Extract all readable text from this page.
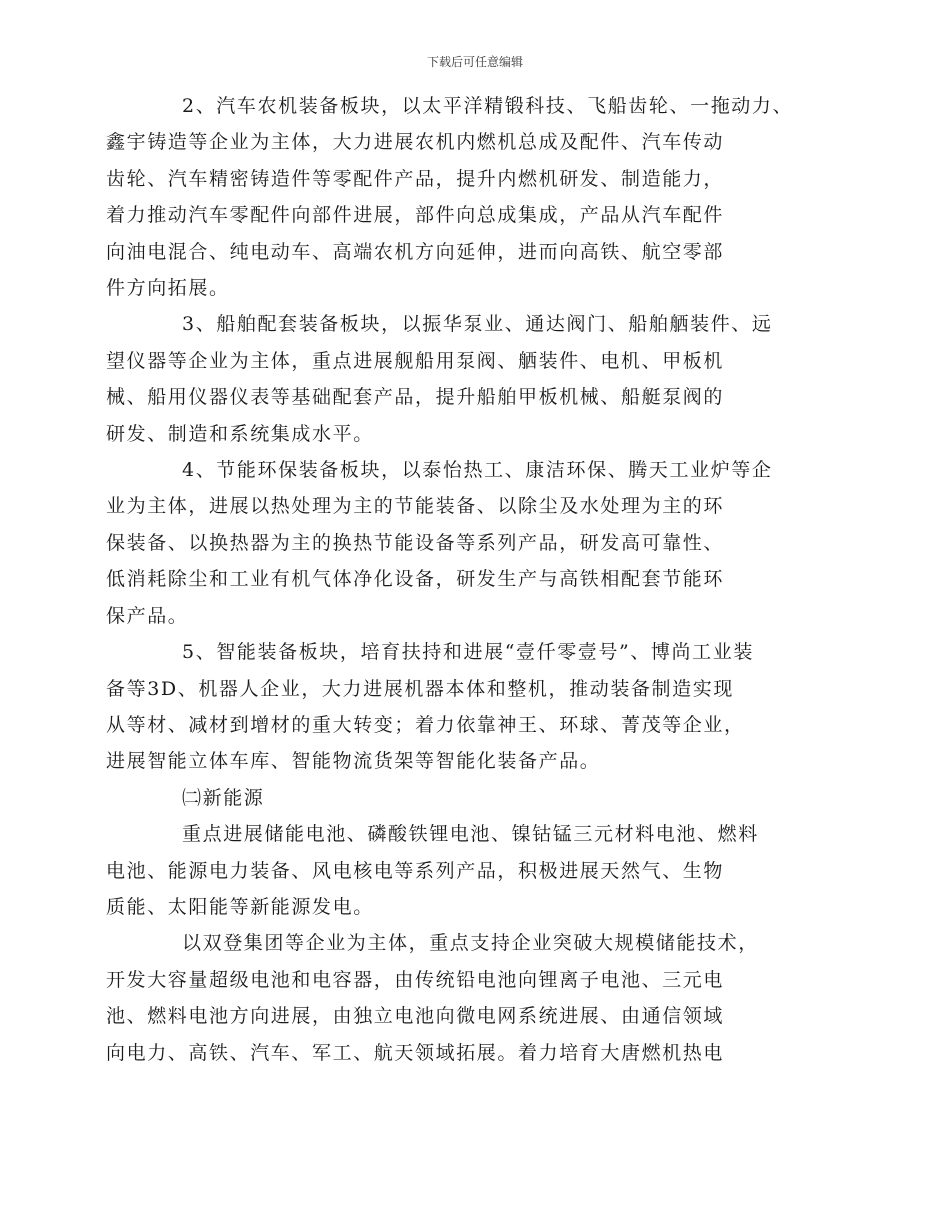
下载后可任意编辑

2、汽车农机装备板块，以太平洋精锻科技、飞船齿轮、一拖动力、
鑫宇铸造等企业为主体，大力进展农机内燃机总成及配件、汽车传动
齿轮、汽车精密铸造件等零配件产品，提升内燃机研发、制造能力，
着力推动汽车零配件向部件进展，部件向总成集成，产品从汽车配件
向油电混合、纯电动车、高端农机方向延伸，进而向高铁、航空零部
件方向拓展。

3、船舶配套装备板块，以振华泵业、通达阀门、船舶舾装件、远
望仪器等企业为主体，重点进展舰船用泵阀、舾装件、电机、甲板机
械、船用仪器仪表等基础配套产品，提升船舶甲板机械、船艇泵阀的
研发、制造和系统集成水平。

4、节能环保装备板块，以泰怡热工、康洁环保、腾天工业炉等企
业为主体，进展以热处理为主的节能装备、以除尘及水处理为主的环
保装备、以换热器为主的换热节能设备等系列产品，研发高可靠性、
低消耗除尘和工业有机气体净化设备，研发生产与高铁相配套节能环
保产品。

5、智能装备板块，培育扶持和进展“壹仟零壹号”、博尚工业装
备等3D、机器人企业，大力进展机器本体和整机，推动装备制造实现
从等材、减材到增材的重大转变；着力依靠神王、环球、菁茂等企业，
进展智能立体车库、智能物流货架等智能化装备产品。

㈡新能源

重点进展储能电池、磷酸铁锂电池、镍钴锰三元材料电池、燃料
电池、能源电力装备、风电核电等系列产品，积极进展天然气、生物
质能、太阳能等新能源发电。

以双登集团等企业为主体，重点支持企业突破大规模储能技术，
开发大容量超级电池和电容器，由传统铅电池向锂离子电池、三元电
池、燃料电池方向进展，由独立电池向微电网系统进展、由通信领域
向电力、高铁、汽车、军工、航天领域拓展。着力培育大唐燃机热电
